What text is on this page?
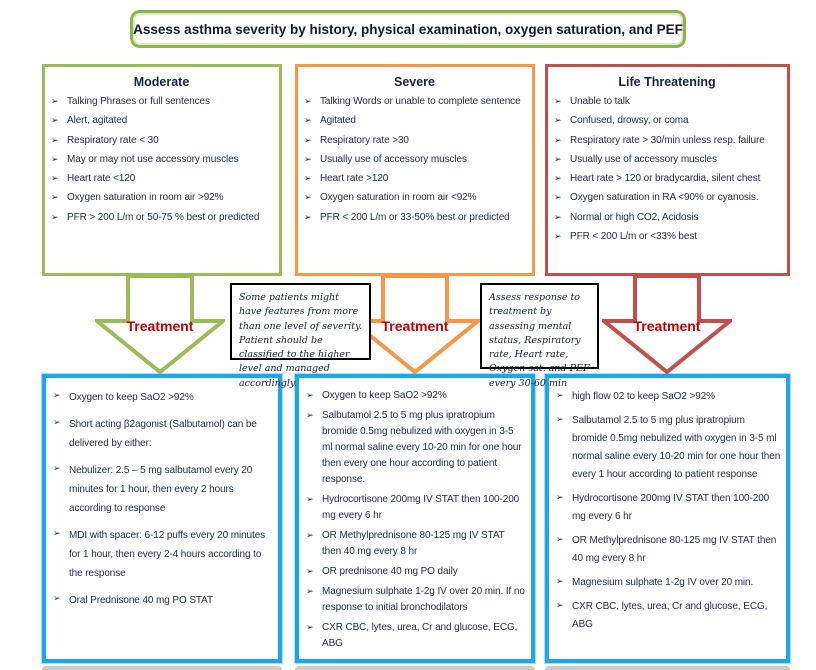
Assess asthma severity by history, physical examination, oxygen saturation, and PEF
Moderate
➢ Talking Phrases or full sentences
➢ Alert, agitated
➢ Respiratory rate < 30
➢ May or may not use accessory muscles
➢ Heart rate <120
➢ Oxygen saturation in room air >92%
➢ PFR > 200 L/m or 50-75 % best or predicted
Severe
➢ Talking Words or unable to complete sentence
➢ Agitated
➢ Respiratory rate >30
➢ Usually use of accessory muscles
➢ Heart rate >120
➢ Oxygen saturation in room air <92%
➢ PFR < 200 L/m or 33-50% best or predicted
Life Threatening
➢ Unable to talk
➢ Confused, drowsy, or coma
➢ Respiratory rate > 30/min unless resp. failure
➢ Usually use of accessory muscles
➢ Heart rate > 120 or bradycardia, silent chest
➢ Oxygen saturation in RA <90% or cyanosis.
➢ Normal or high CO2, Acidosis
➢ PFR < 200 L/m or <33% best
Treatment	Treatment	Treatment
Some patients might have features from more than one level of severity. Patient should be classified to the higher level and managed accordingly.
Assess response to treatment by assessing mental status, Respiratory rate, Heart rate, Oxygen sat. and PEF every 30-60 min
➢ Oxygen to keep SaO2 >92%
➢ Short acting β2agonist (Salbutamol) can be delivered by either:
➢ Nebulizer: 2.5 – 5 mg salbutamol every 20 minutes for 1 hour, then every 2 hours according to response
➢ MDI with spacer: 6-12 puffs every 20 minutes for 1 hour, then every 2-4 hours according to the response
➢ Oral Prednisone 40 mg PO STAT
➢ Oxygen to keep SaO2 >92%
➢ Salbutamol 2.5 to 5 mg plus ipratropium bromide 0.5mg nebulized with oxygen in 3-5 ml normal saline every 10-20 min for one hour then every one hour according to patient response.
➢ Hydrocortisone 200mg IV STAT then 100-200 mg every 6 hr
➢ OR Methylprednisone 80-125 mg IV STAT then 40 mg every 8 hr
➢ OR prednisone 40 mg PO daily
➢ Magnesium sulphate 1-2g IV over 20 min. If no response to initial bronchodilators
➢ CXR CBC, lytes, urea, Cr and glucose, ECG, ABG
➢ high flow 02 to keep SaO2 >92%
➢ Salbutamol 2.5 to 5 mg plus ipratropium bromide 0.5mg nebulized with oxygen in 3-5 ml normal saline every 10-20 min for one hour then every 1 hour according to patient response
➢ Hydrocortisone 200mg IV STAT then 100-200 mg every 6 hr
➢ OR Methylprednisone 80-125 mg IV STAT then 40 mg every 8 hr
➢ Magnesium sulphate 1-2g IV over 20 min.
➢ CXR CBC, lytes, urea, Cr and glucose, ECG, ABG
